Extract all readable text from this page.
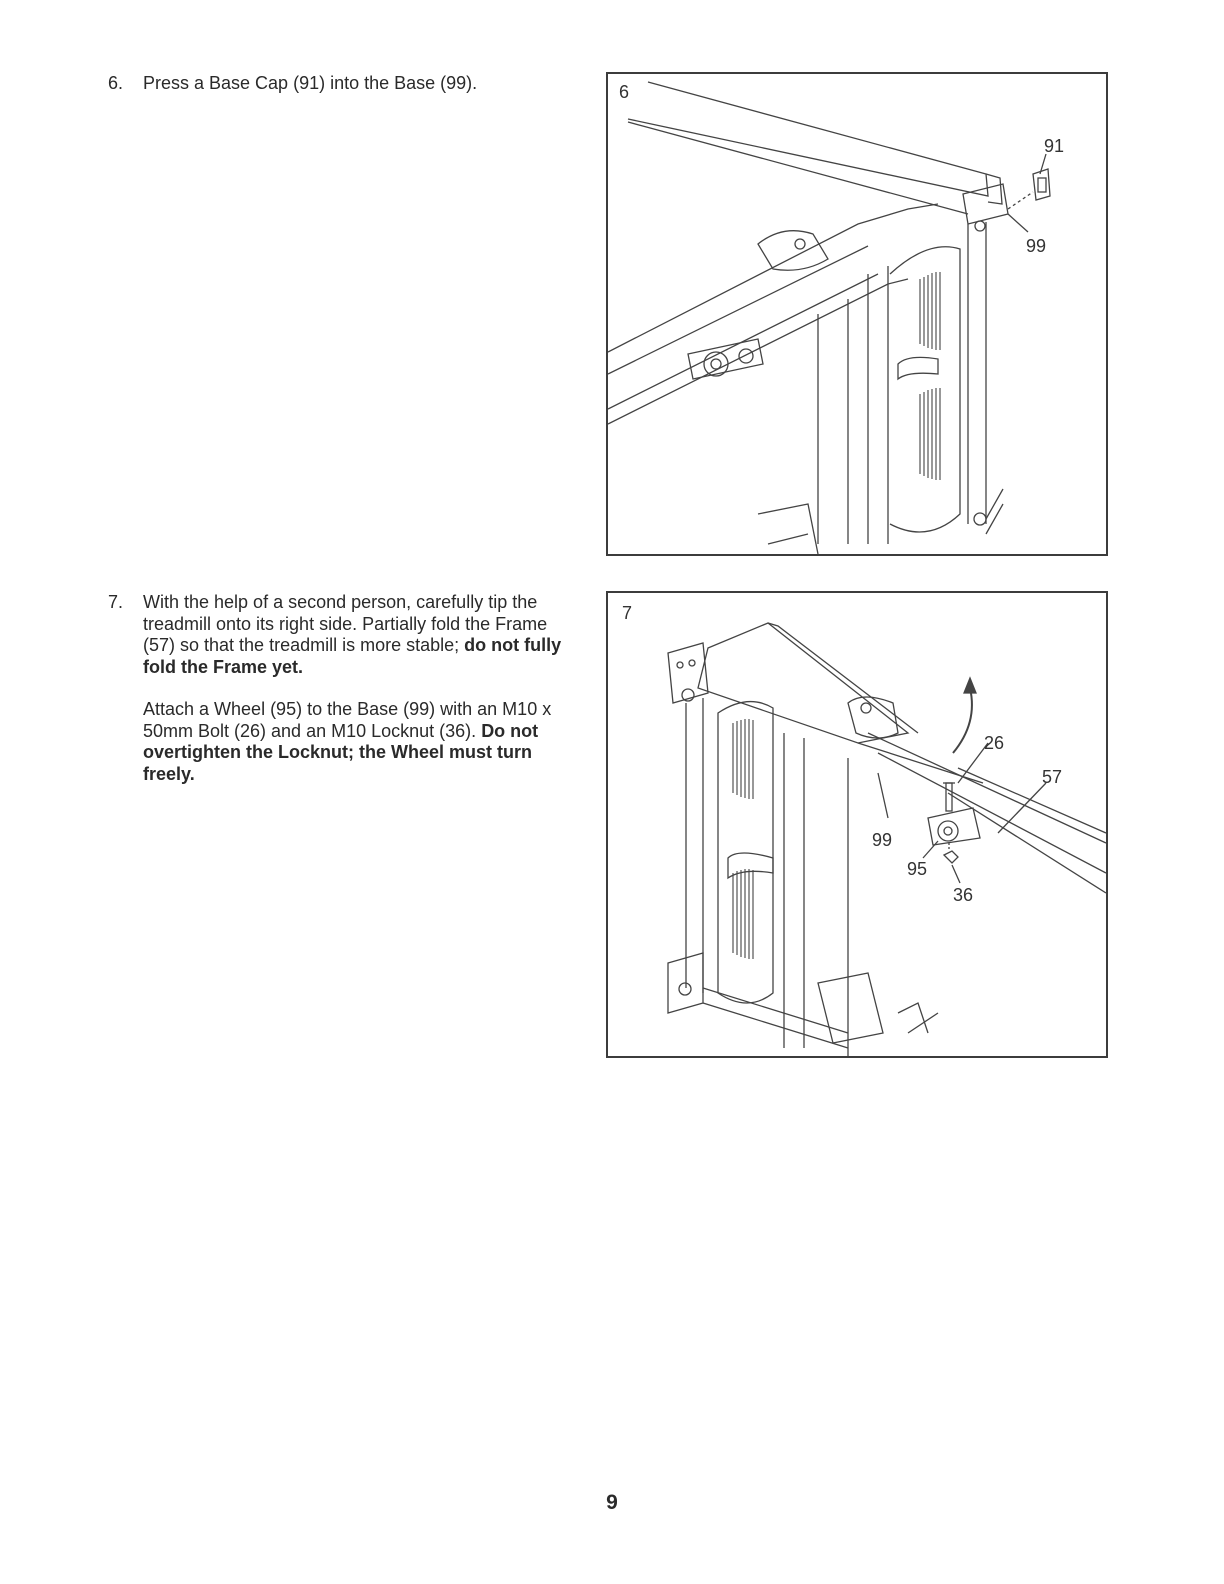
6.	Press a Base Cap (91) into the Base (99).	6
91
99
7.	With the help of a second person, carefully tip the treadmill onto its right side. Partially fold the Frame (57) so that the treadmill is more stable; do not fully fold the Frame yet.

Attach a Wheel (95) to the Base (99) with an M10 x 50mm Bolt (26) and an M10 Locknut (36). Do not overtighten the Locknut; the Wheel must turn freely.

7
26
57
99
95
36
9
